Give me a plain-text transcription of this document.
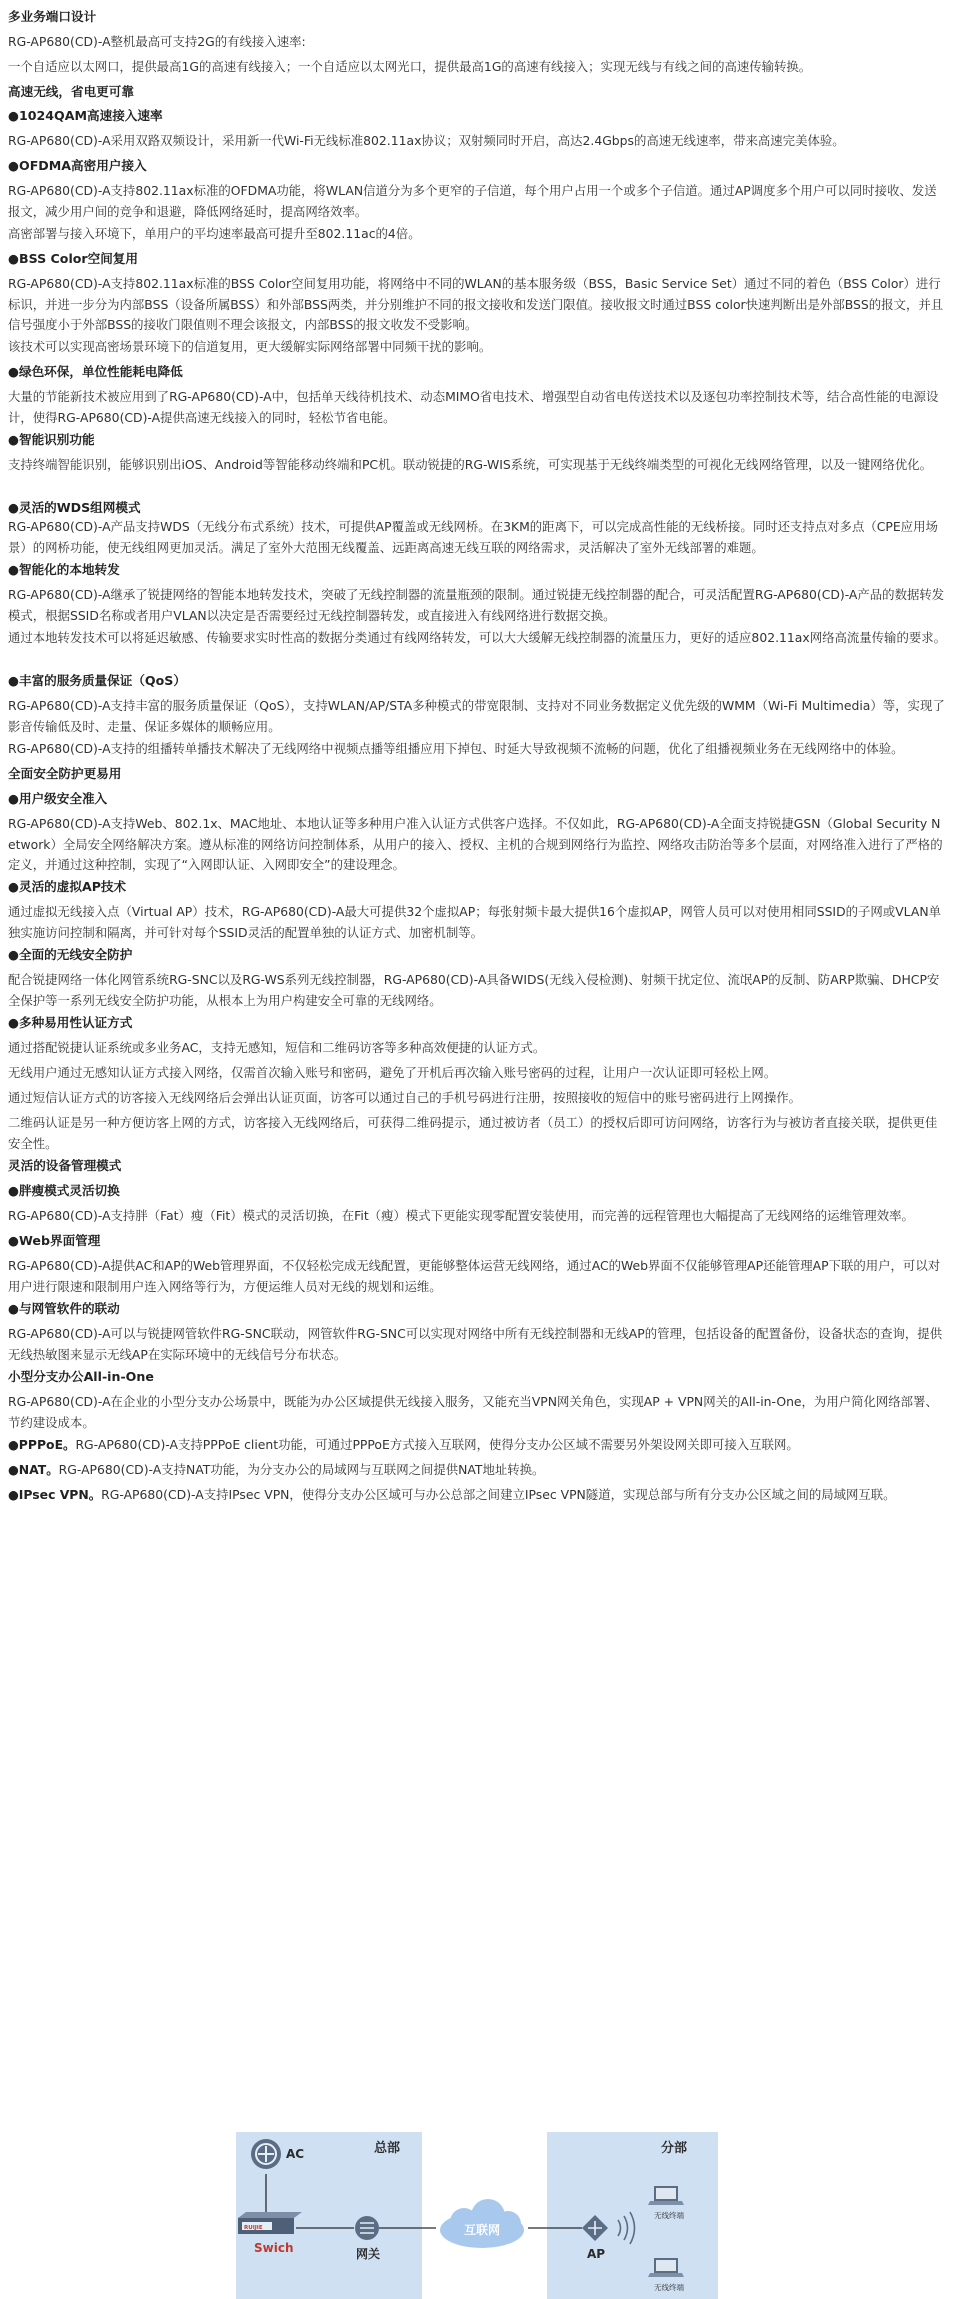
多业务端口设计

RG-AP680(CD)-A整机最高可支持2G的有线接入速率:

一个自适应以太网口，提供最高1G的高速有线接入；一个自适应以太网光口，提供最高1G的高速有线接入；实现无线与有线之间的高速传输转换。

高速无线，省电更可靠

●1024QAM高速接入速率

RG-AP680(CD)-A采用双路双频设计，采用新一代Wi-Fi无线标准802.11ax协议；双射频同时开启，高达2.4Gbps的高速无线速率，带来高速完美体验。

●OFDMA高密用户接入

RG-AP680(CD)-A支持802.11ax标准的OFDMA功能，将WLAN信道分为多个更窄的子信道，每个用户占用一个或多个子信道。通过AP调度多个用户可以同时接收、发送报文，减少用户间的竞争和退避，降低网络延时，提高网络效率。

高密部署与接入环境下，单用户的平均速率最高可提升至802.11ac的4倍。

●BSS Color空间复用

RG-AP680(CD)-A支持802.11ax标准的BSS Color空间复用功能，将网络中不同的WLAN的基本服务级（BSS，Basic Service Set）通过不同的着色（BSS Color）进行标识，并进一步分为内部BSS（设备所属BSS）和外部BSS两类，并分别维护不同的报文接收和发送门限值。接收报文时通过BSS color快速判断出是外部BSS的报文，并且信号强度小于外部BSS的接收门限值则不理会该报文，内部BSS的报文收发不受影响。

该技术可以实现高密场景环境下的信道复用，更大缓解实际网络部署中同频干扰的影响。

●绿色环保，单位性能耗电降低

大量的节能新技术被应用到了RG-AP680(CD)-A中，包括单天线待机技术、动态MIMO省电技术、增强型自动省电传送技术以及逐包功率控制技术等，结合高性能的电源设计，使得RG-AP680(CD)-A提供高速无线接入的同时，轻松节省电能。

●智能识别功能

支持终端智能识别，能够识别出iOS、Android等智能移动终端和PC机。联动锐捷的RG-WIS系统，可实现基于无线终端类型的可视化无线网络管理，以及一键网络优化。

●灵活的WDS组网模式

RG-AP680(CD)-A产品支持WDS（无线分布式系统）技术，可提供AP覆盖或无线网桥。在3KM的距离下，可以完成高性能的无线桥接。同时还支持点对多点（CPE应用场景）的网桥功能，使无线组网更加灵活。满足了室外大范围无线覆盖、远距离高速无线互联的网络需求，灵活解决了室外无线部署的难题。

●智能化的本地转发

RG-AP680(CD)-A继承了锐捷网络的智能本地转发技术，突破了无线控制器的流量瓶颈的限制。通过锐捷无线控制器的配合，可灵活配置RG-AP680(CD)-A产品的数据转发模式，根据SSID名称或者用户VLAN以决定是否需要经过无线控制器转发，或直接进入有线网络进行数据交换。

通过本地转发技术可以将延迟敏感、传输要求实时性高的数据分类通过有线网络转发，可以大大缓解无线控制器的流量压力，更好的适应802.11ax网络高流量传输的要求。

●丰富的服务质量保证（QoS）

RG-AP680(CD)-A支持丰富的服务质量保证（QoS），支持WLAN/AP/STA多种模式的带宽限制、支持对不同业务数据定义优先级的WMM（Wi-Fi Multimedia）等，实现了影音传输低及时、走量、保证多媒体的顺畅应用。

RG-AP680(CD)-A支持的组播转单播技术解决了无线网络中视频点播等组播应用下掉包、时延大导致视频不流畅的问题，优化了组播视频业务在无线网络中的体验。

全面安全防护更易用

●用户级安全准入

RG-AP680(CD)-A支持Web、802.1x、MAC地址、本地认证等多种用户准入认证方式供客户选择。不仅如此，RG-AP680(CD)-A全面支持锐捷GSN（Global Security Network）全局安全网络解决方案。遵从标准的网络访问控制体系，从用户的接入、授权、主机的合规到网络行为监控、网络攻击防治等多个层面，对网络准入进行了严格的定义，并通过这种控制，实现了“入网即认证、入网即安全”的建设理念。

●灵活的虚拟AP技术

通过虚拟无线接入点（Virtual AP）技术，RG-AP680(CD)-A最大可提供32个虚拟AP；每张射频卡最大提供16个虚拟AP，网管人员可以对使用相同SSID的子网或VLAN单独实施访问控制和隔离，并可针对每个SSID灵活的配置单独的认证方式、加密机制等。

●全面的无线安全防护

配合锐捷网络一体化网管系统RG-SNC以及RG-WS系列无线控制器，RG-AP680(CD)-A具备WIDS(无线入侵检测)、射频干扰定位、流氓AP的反制、防ARP欺骗、DHCP安全保护等一系列无线安全防护功能，从根本上为用户构建安全可靠的无线网络。

●多种易用性认证方式

通过搭配锐捷认证系统或多业务AC，支持无感知，短信和二维码访客等多种高效便捷的认证方式。

无线用户通过无感知认证方式接入网络，仅需首次输入账号和密码，避免了开机后再次输入账号密码的过程，让用户一次认证即可轻松上网。

通过短信认证方式的访客接入无线网络后会弹出认证页面，访客可以通过自己的手机号码进行注册，按照接收的短信中的账号密码进行上网操作。

二维码认证是另一种方便访客上网的方式，访客接入无线网络后，可获得二维码提示，通过被访者（员工）的授权后即可访问网络，访客行为与被访者直接关联，提供更佳安全性。

灵活的设备管理模式

●胖瘦模式灵活切换

RG-AP680(CD)-A支持胖（Fat）瘦（Fit）模式的灵活切换，在Fit（瘦）模式下更能实现零配置安装使用，而完善的远程管理也大幅提高了无线网络的运维管理效率。

●Web界面管理

RG-AP680(CD)-A提供AC和AP的Web管理界面，不仅轻松完成无线配置，更能够整体运营无线网络，通过AC的Web界面不仅能够管理AP还能管理AP下联的用户，可以对用户进行限速和限制用户连入网络等行为，方便运维人员对无线的规划和运维。

●与网管软件的联动

RG-AP680(CD)-A可以与锐捷网管软件RG-SNC联动，网管软件RG-SNC可以实现对网络中所有无线控制器和无线AP的管理，包括设备的配置备份，设备状态的查询，提供无线热敏图来显示无线AP在实际环境中的无线信号分布状态。

小型分支办公All-in-One

RG-AP680(CD)-A在企业的小型分支办公场景中，既能为办公区域提供无线接入服务，又能充当VPN网关角色，实现AP + VPN网关的All-in-One，为用户简化网络部署、节约建设成本。

●PPPoE。RG-AP680(CD)-A支持PPPoE client功能，可通过PPPoE方式接入互联网，使得分支办公区域不需要另外架设网关即可接入互联网。

●NAT。RG-AP680(CD)-A支持NAT功能，为分支办公的局域网与互联网之间提供NAT地址转换。

●IPsec VPN。RG-AP680(CD)-A支持IPsec VPN，使得分支办公区域可与办公总部之间建立IPsec VPN隧道，实现总部与所有分支办公区域之间的局域网互联。

AC	总部	分部
RUIJIE
Swich	网关
互联网
AP
无线终端
无线终端
